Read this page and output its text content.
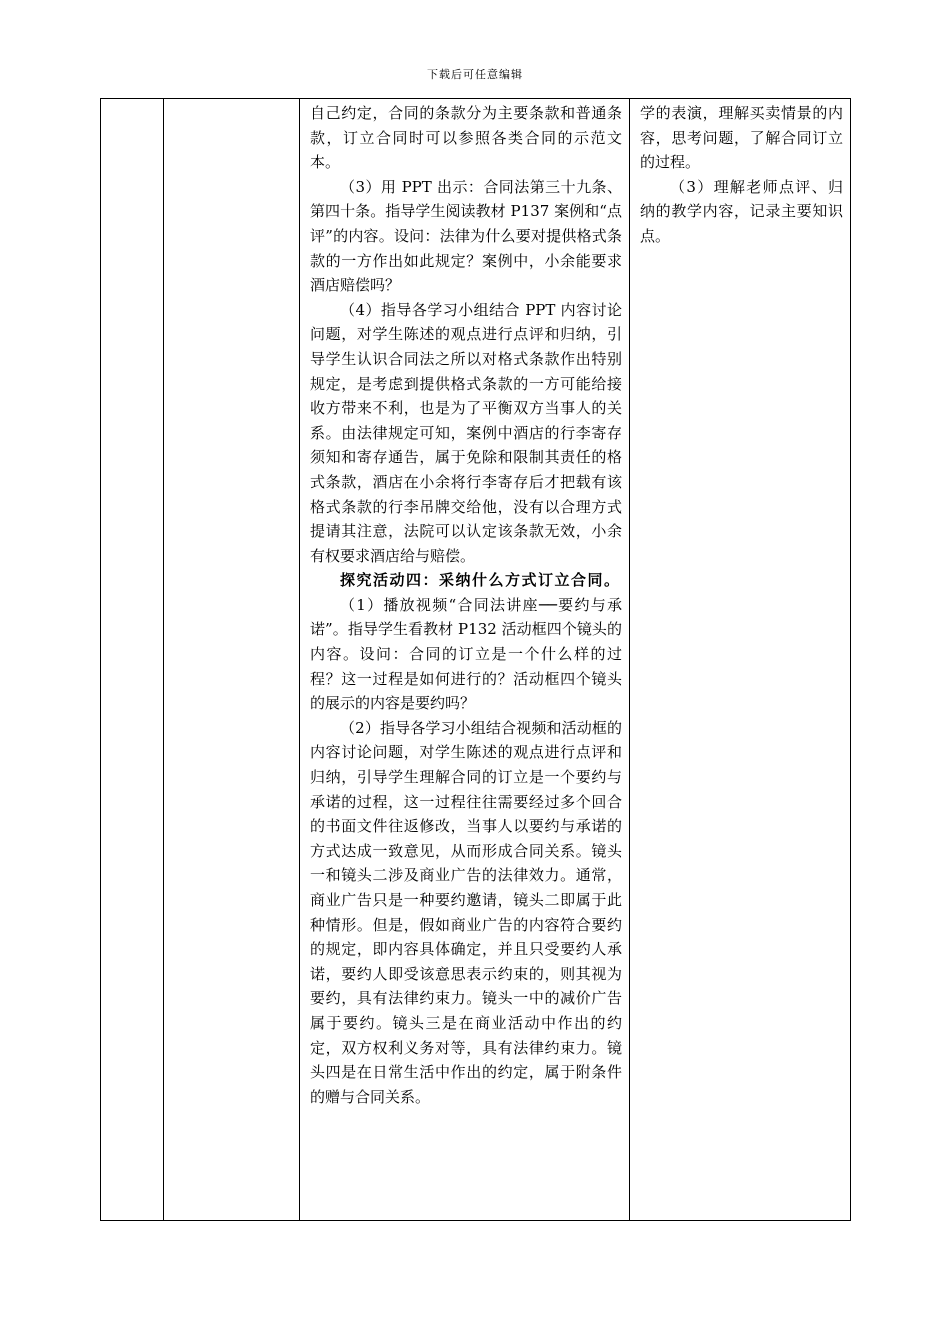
下载后可任意编辑

自己约定，合同的条款分为主要条款和普通条款，订立合同时可以参照各类合同的示范文本。

（3）用 PPT 出示：合同法第三十九条、第四十条。指导学生阅读教材 P137 案例和“点评”的内容。设问：法律为什么要对提供格式条款的一方作出如此规定？案例中，小余能要求酒店赔偿吗？

（4）指导各学习小组结合 PPT 内容讨论问题，对学生陈述的观点进行点评和归纳，引导学生认识合同法之所以对格式条款作出特别规定，是考虑到提供格式条款的一方可能给接收方带来不利，也是为了平衡双方当事人的关系。由法律规定可知，案例中酒店的行李寄存须知和寄存通告，属于免除和限制其责任的格式条款，酒店在小余将行李寄存后才把载有该格式条款的行李吊牌交给他，没有以合理方式提请其注意，法院可以认定该条款无效，小余有权要求酒店给与赔偿。

探究活动四：采纳什么方式订立合同。

（1）播放视频“合同法讲座──要约与承诺”。指导学生看教材 P132 活动框四个镜头的内容。设问：合同的订立是一个什么样的过程？这一过程是如何进行的？活动框四个镜头的展示的内容是要约吗？

（2）指导各学习小组结合视频和活动框的内容讨论问题，对学生陈述的观点进行点评和归纳，引导学生理解合同的订立是一个要约与承诺的过程，这一过程往往需要经过多个回合的书面文件往返修改，当事人以要约与承诺的方式达成一致意见，从而形成合同关系。镜头一和镜头二涉及商业广告的法律效力。通常，商业广告只是一种要约邀请，镜头二即属于此种情形。但是，假如商业广告的内容符合要约的规定，即内容具体确定，并且只受要约人承诺，要约人即受该意思表示约束的，则其视为要约，具有法律约束力。镜头一中的减价广告属于要约。镜头三是在商业活动中作出的约定，双方权利义务对等，具有法律约束力。镜头四是在日常生活中作出的约定，属于附条件的赠与合同关系。

学的表演，理解买卖情景的内容，思考问题，了解合同订立的过程。

（3）理解老师点评、归纳的教学内容，记录主要知识点。
